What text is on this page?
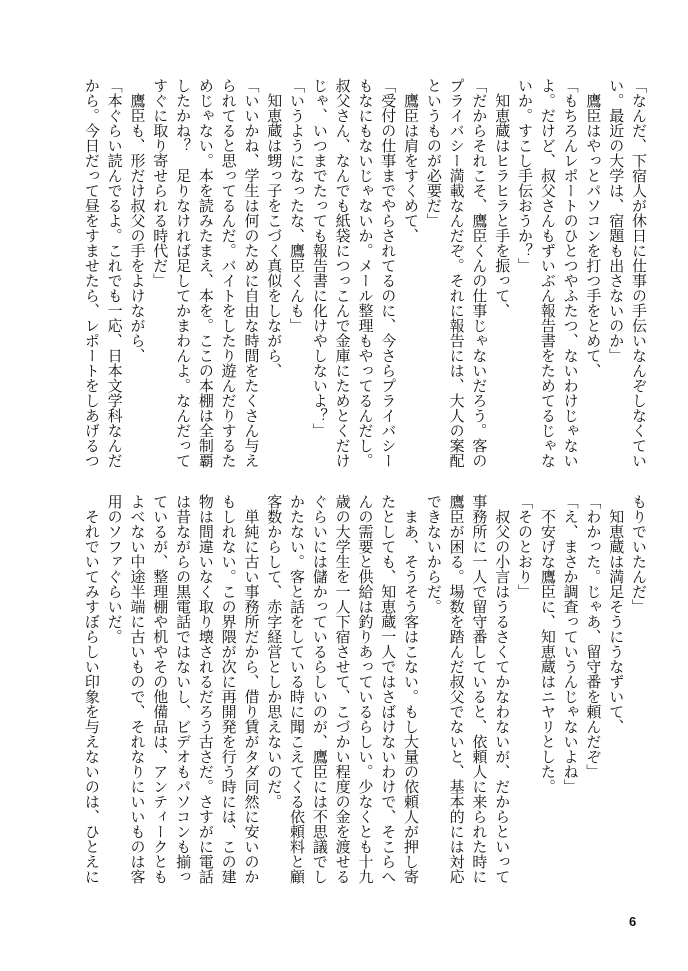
「なんだ、下宿人が休日に仕事の手伝いなんぞしなくてい
い。最近の大学は、宿題も出さないのか」
　鷹臣はやっとパソコンを打つ手をとめて、
「もちろんレポートのひとつやふたつ、ないわけじゃない
よ。だけど、叔父さんもずいぶん報告書をためてるじゃな
いか。すこし手伝おうか？」
　知恵蔵はヒラヒラと手を振って、
「だからそれこそ、鷹臣くんの仕事じゃないだろう。客の
プライバシー満載なんだぞ。それに報告には、大人の案配
というものが必要だ」
　鷹臣は肩をすくめて、
「受付の仕事までやらされてるのに、今さらプライバシー
もなにもないじゃないか。メール整理もやってるんだし。
叔父さん、なんでも紙袋につっこんで金庫にためとくだけ
じゃ、いつまでたっても報告書に化けやしないよ？」
「いうようになったな、鷹臣くんも」
　知恵蔵は甥っ子をこづく真似をしながら、
「いいかね、学生は何のために自由な時間をたくさん与え
られてると思ってるんだ。バイトをしたり遊んだりするた
めじゃない。本を読みたまえ、本を。ここの本棚は全制覇
したかね？　足りなければ足してかまわんよ。なんだって
すぐに取り寄せられる時代だ」
　鷹臣も、形だけ叔父の手をよけながら、
「本ぐらい読んでるよ。これでも一応、日本文学科なんだ
から。今日だって昼をすませたら、レポートをしあげるつ
もりでいたんだ」
　知恵蔵は満足そうにうなずいて、
「わかった。じゃあ、留守番を頼んだぞ」
「え、まさか調査っていうんじゃないよね」
　不安げな鷹臣に、知恵蔵はニヤリとした。
「そのとおり」
　叔父の小言はうるさくてかなわないが、だからといって
事務所に一人で留守番していると、依頼人に来られた時に
鷹臣が困る。場数を踏んだ叔父でないと、基本的には対応
できないからだ。
　まあ、そうそう客はこない。もし大量の依頼人が押し寄
たとしても、知恵蔵一人ではさばけないわけで、そこらへ
んの需要と供給は釣りあっているらしい。少なくとも十九
歳の大学生を一人下宿させて、こづかい程度の金を渡せる
ぐらいには儲かっているらしいのが、鷹臣には不思議でし
かたない。客と話をしている時に聞こえてくる依頼料と顧
客数からして、赤字経営としか思えないのだ。
　単純に古い事務所だから、借り賃がタダ同然に安いのか
もしれない。この界隈が次に再開発を行う時には、この建
物は間違いなく取り壊されるだろう古さだ。さすがに電話
は昔ながらの黒電話ではないし、ビデオもパソコンも揃っ
ているが、整理棚や机やその他備品は、アンティークとも
よべない中途半端に古いもので、それなりにいいものは客
用のソファぐらいだ。
　それでいてみすぼらしい印象を与えないのは、ひとえに
6
